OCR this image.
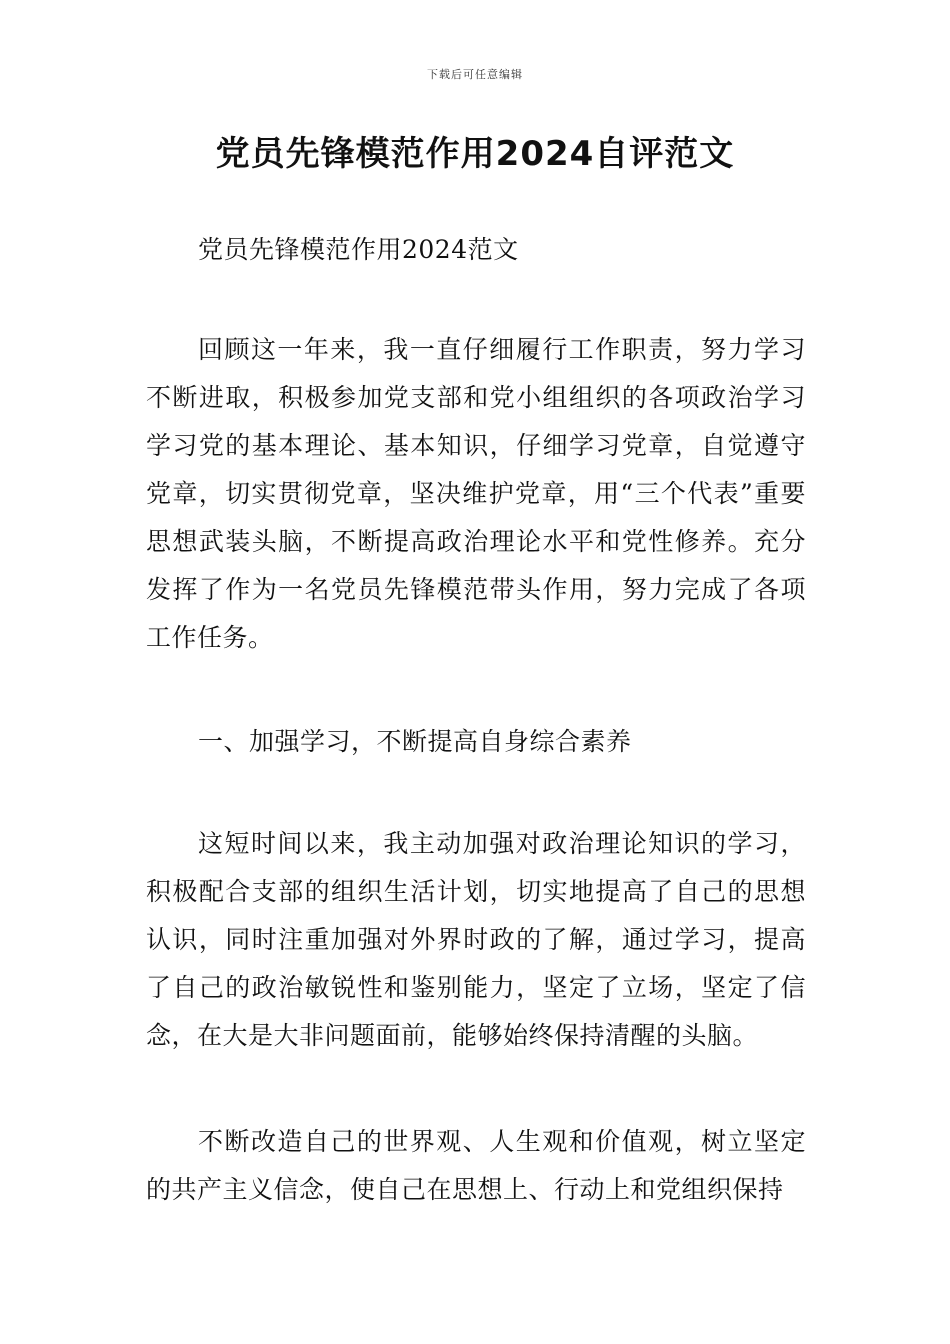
下载后可任意编辑
党员先锋模范作用2024自评范文

党员先锋模范作用2024范文

回顾这一年来，我一直仔细履行工作职责，努力学习不断进取，积极参加党支部和党小组组织的各项政治学习学习党的基本理论、基本知识，仔细学习党章，自觉遵守党章，切实贯彻党章，坚决维护党章，用“三个代表”重要思想武装头脑，不断提高政治理论水平和党性修养。充分发挥了作为一名党员先锋模范带头作用，努力完成了各项工作任务。

一、加强学习，不断提高自身综合素养

这短时间以来，我主动加强对政治理论知识的学习，积极配合支部的组织生活计划，切实地提高了自己的思想认识，同时注重加强对外界时政的了解，通过学习，提高了自己的政治敏锐性和鉴别能力，坚定了立场，坚定了信念，在大是大非问题面前，能够始终保持清醒的头脑。

不断改造自己的世界观、人生观和价值观，树立坚定的共产主义信念，使自己在思想上、行动上和党组织保持
